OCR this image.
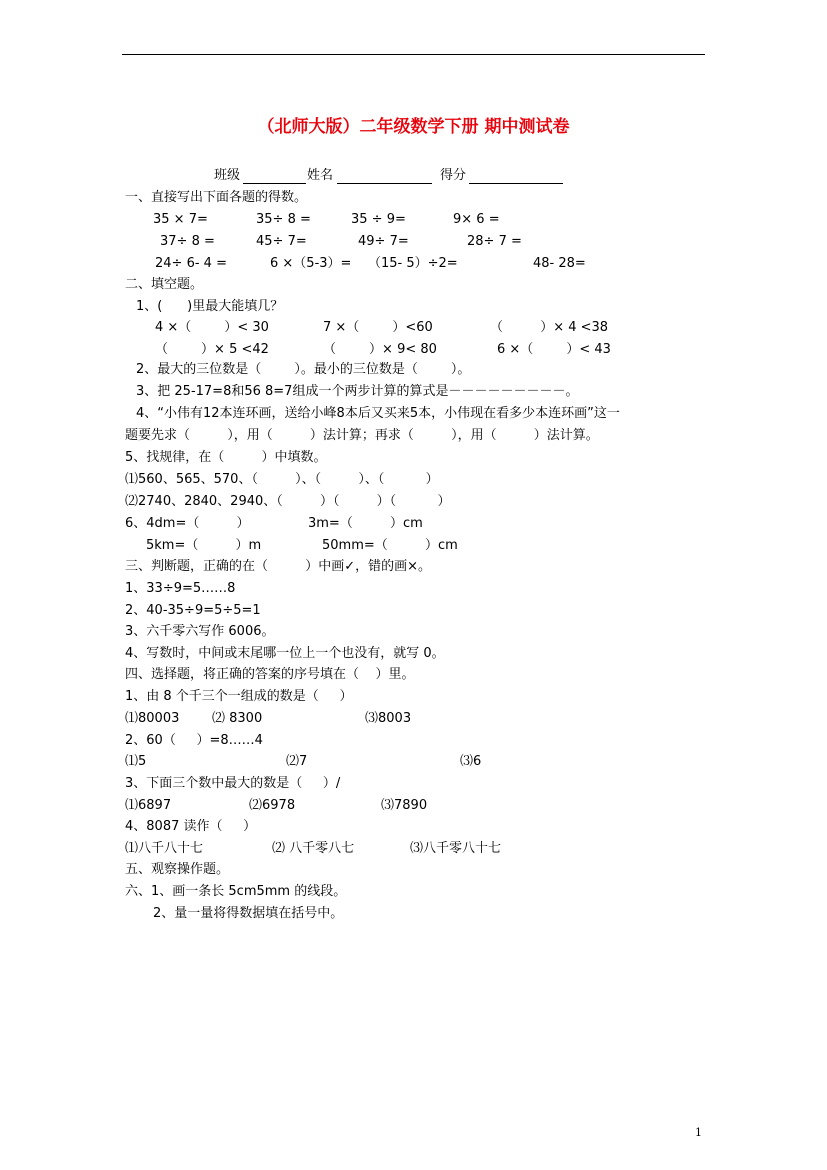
（北师大版）二年级数学下册 期中测试卷
班级	姓名	得分
一、直接写出下面各题的得数。
35 × 7=	35÷ 8 =	35 ÷ 9=	9× 6 =
37÷ 8 =	45÷ 7=	49÷ 7=	28÷ 7 =
24÷ 6- 4 =	6 ×（5-3）= （15- 5）÷2=	48- 28=
二、填空题。
1、(      )里最大能填几？
4 ×（        ）< 30	7 ×（        ）<60	（         ）× 4 <38
（        ）× 5 <42	（        ）× 9< 80	6 ×（        ）< 43
2、最大的三位数是（        ）。最小的三位数是（        ）。
3、把 25-17=8和56 8=7组成一个两步计算的算式是－－－－－－－－－。
4、“小伟有12本连环画，送给小峰8本后又买来5本，小伟现在看多少本连环画”这一
题要先求（         ），用（         ）法计算；再求（         ），用（         ）法计算。
5、找规律，在（         ）中填数。
⑴560、565、570、（         ）、（         ）、（          ）
⑵2740、2840、2940、（         ）（         ）（          ）
6、4dm=（         ）	3m=（         ）cm
5km=（         ）m	50mm=（         ）cm
三、判断题，正确的在（         ）中画✓，错的画×。
1、33÷9=5……8
2、40-35÷9=5÷5=1
3、六千零六写作 6006。
4、写数时，中间或末尾哪一位上一个也没有，就写 0。
四、选择题，将正确的答案的序号填在（    ）里。
1、由 8 个千三个一组成的数是（     ）
⑴80003	⑵ 8300	⑶8003
2、60（     ）=8……4
⑴5	⑵7	⑶6
3、下面三个数中最大的数是（     ）/
⑴6897	⑵6978	⑶7890
4、8087 读作（     ）
⑴八千八十七	⑵ 八千零八七	⑶八千零八十七
五、观察操作题。
六、1、画一条长 5cm5mm 的线段。
2、量一量将得数据填在括号中。
1
